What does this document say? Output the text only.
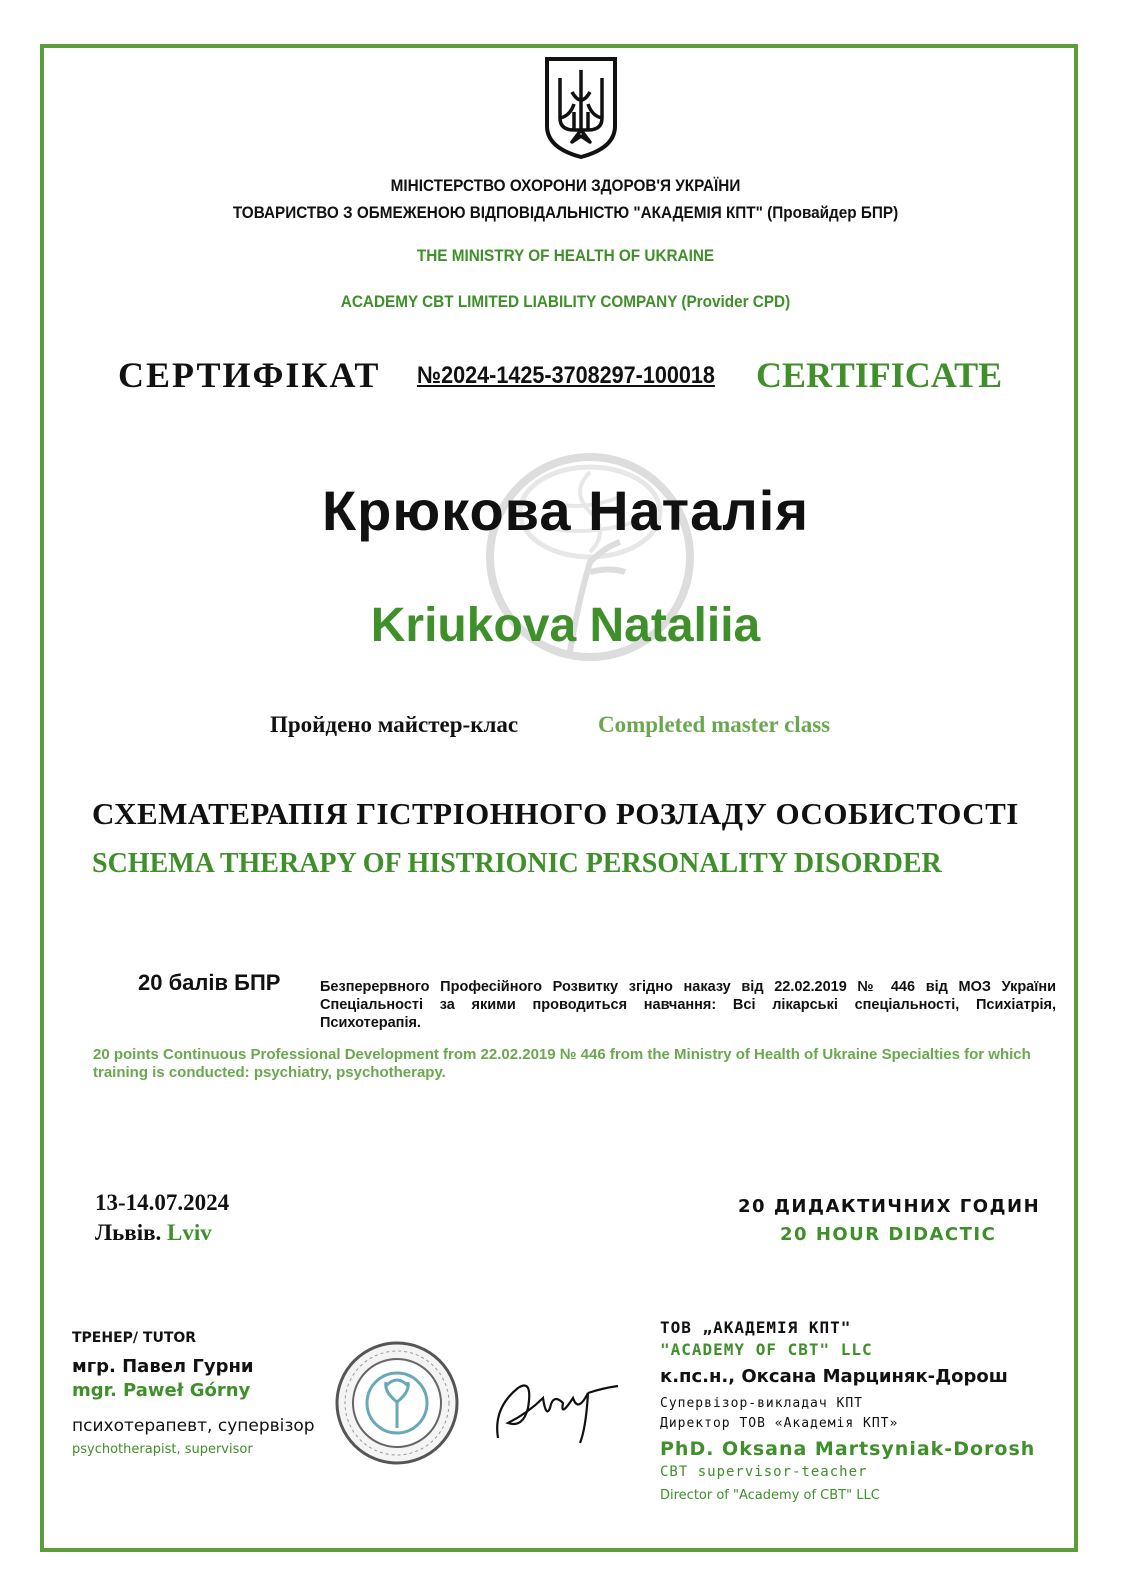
МІНІСТЕРСТВО ОХОРОНИ ЗДОРОВ'Я УКРАЇНИ
ТОВАРИСТВО З ОБМЕЖЕНОЮ ВІДПОВІДАЛЬНІСТЮ "АКАДЕМІЯ КПТ" (Провайдер БПР)
THE MINISTRY OF HEALTH OF UKRAINE
ACADEMY CBT LIMITED LIABILITY COMPANY (Provider CPD)
СЕРТИФІКАТ №2024-1425-3708297-100018 CERTIFICATE
Крюкова Наталія
Kriukova Nataliia
Пройдено майстер-клас	Completed master class
СХЕМАТЕРАПІЯ ГІСТРІОННОГО РОЗЛАДУ ОСОБИСТОСТІ
SCHEMA THERAPY OF HISTRIONIC PERSONALITY DISORDER
20 балів БПР	Безперервного Професійного Розвитку згідно наказу від 22.02.2019 № 446 від МОЗ України Спеціальності за якими проводиться навчання: Всі лікарські спеціальності, Психіатрія, Психотерапія.
20 points Continuous Professional Development from 22.02.2019 № 446 from the Ministry of Health of Ukraine Specialties for which training is conducted: psychiatry, psychotherapy.
13-14.07.2024
Львів. Lviv
20 ДИДАКТИЧНИХ ГОДИН
20 HOUR DIDACTIC
ТРЕНЕР/ TUTOR
мгр. Павел Гурни
mgr. Paweł Górny
психотерапевт, супервізор
psychotherapist, supervisor
ТОВ „АКАДЕМІЯ КПТ"
"ACADEMY OF CBT" LLC
к.пс.н., Оксана Марциняк-Дорош
Супервізор-викладач КПТ
Директор ТОВ «Академія КПТ»
PhD. Oksana Martsyniak-Dorosh
CBT supervisor-teacher
Director of "Academy of CBT" LLC
